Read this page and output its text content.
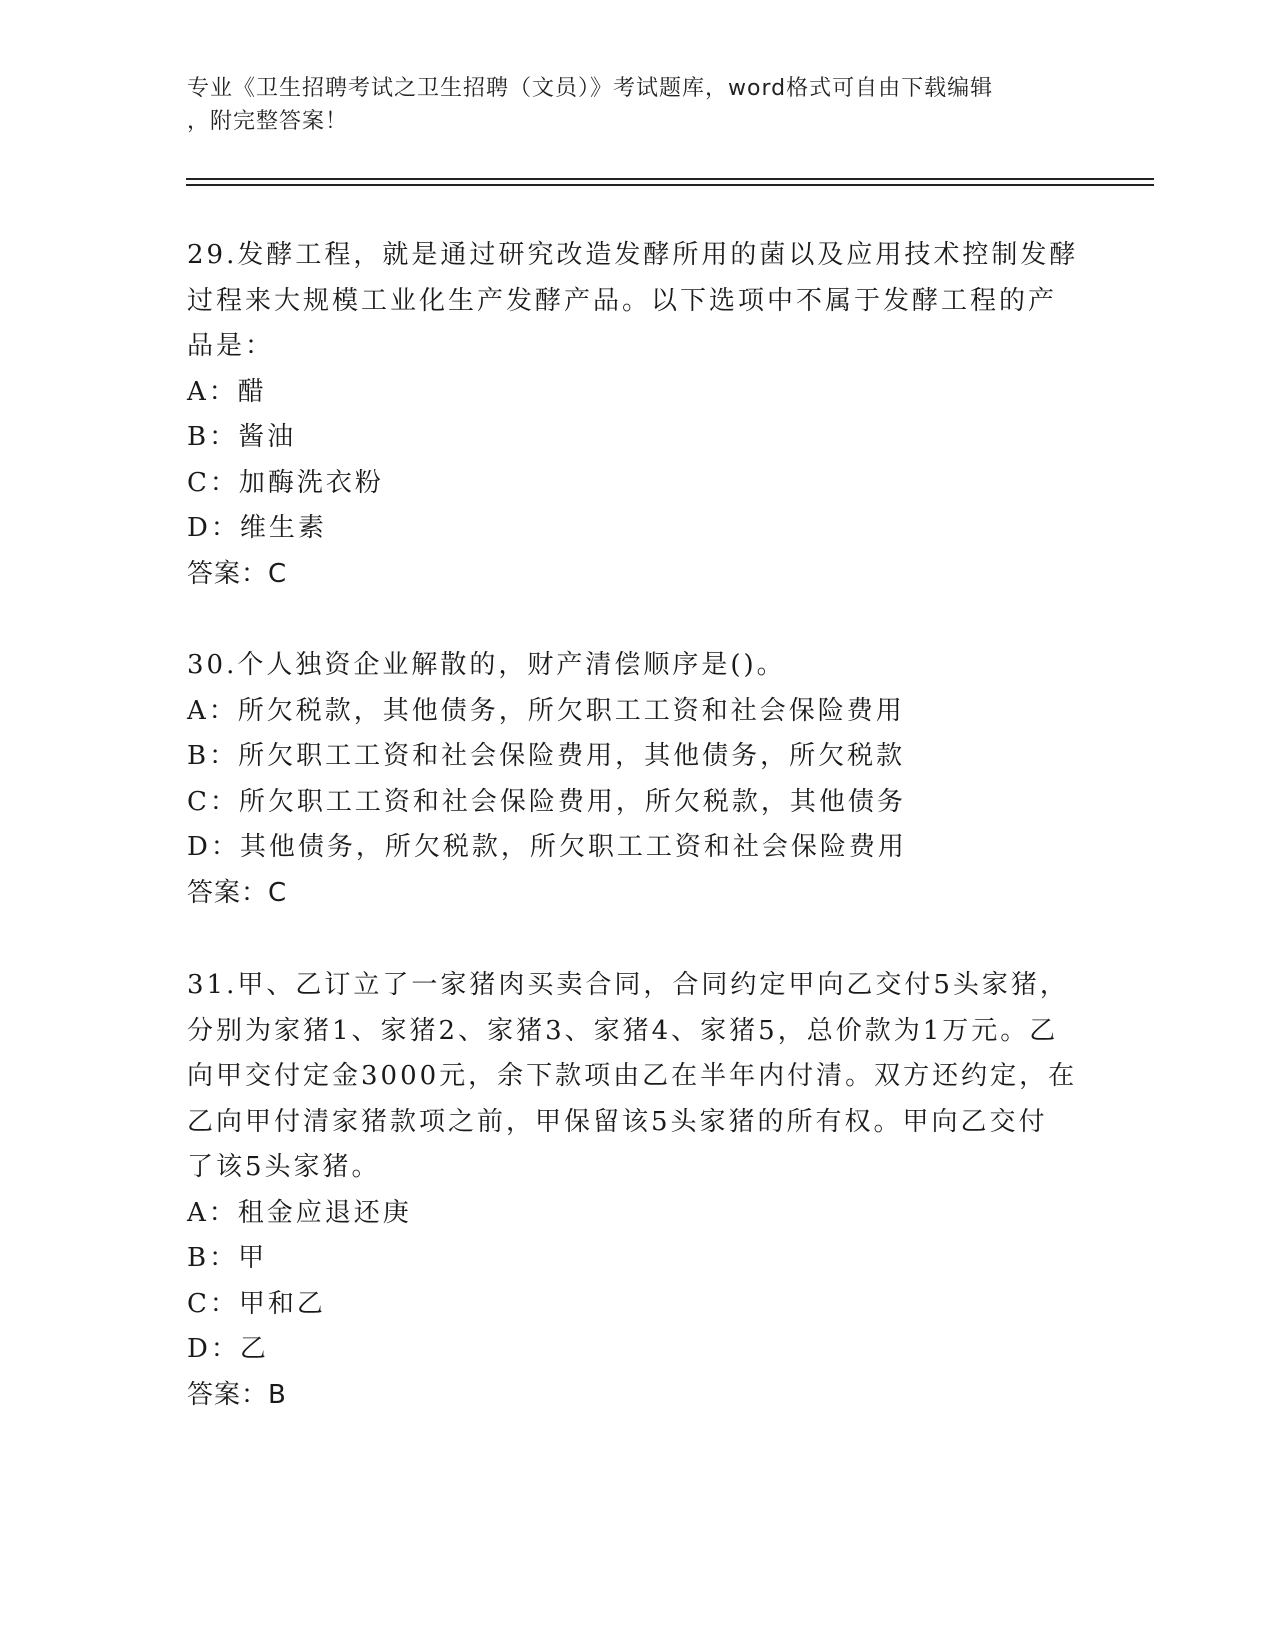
专业《卫生招聘考试之卫生招聘（文员）》考试题库，word格式可自由下载编辑
，附完整答案！

29.发酵工程，就是通过研究改造发酵所用的菌以及应用技术控制发酵

过程来大规模工业化生产发酵产品。以下选项中不属于发酵工程的产

品是：

A：醋

B：酱油

C：加酶洗衣粉

D：维生素

答案：C

30.个人独资企业解散的，财产清偿顺序是()。

A：所欠税款，其他债务，所欠职工工资和社会保险费用

B：所欠职工工资和社会保险费用，其他债务，所欠税款

C：所欠职工工资和社会保险费用，所欠税款，其他债务

D：其他债务，所欠税款，所欠职工工资和社会保险费用

答案：C

31.甲、乙订立了一家猪肉买卖合同，合同约定甲向乙交付5头家猪，

分别为家猪1、家猪2、家猪3、家猪4、家猪5，总价款为1万元。乙

向甲交付定金3000元，余下款项由乙在半年内付清。双方还约定，在

乙向甲付清家猪款项之前，甲保留该5头家猪的所有权。甲向乙交付

了该5头家猪。

A：租金应退还庚

B：甲

C：甲和乙

D：乙

答案：B
